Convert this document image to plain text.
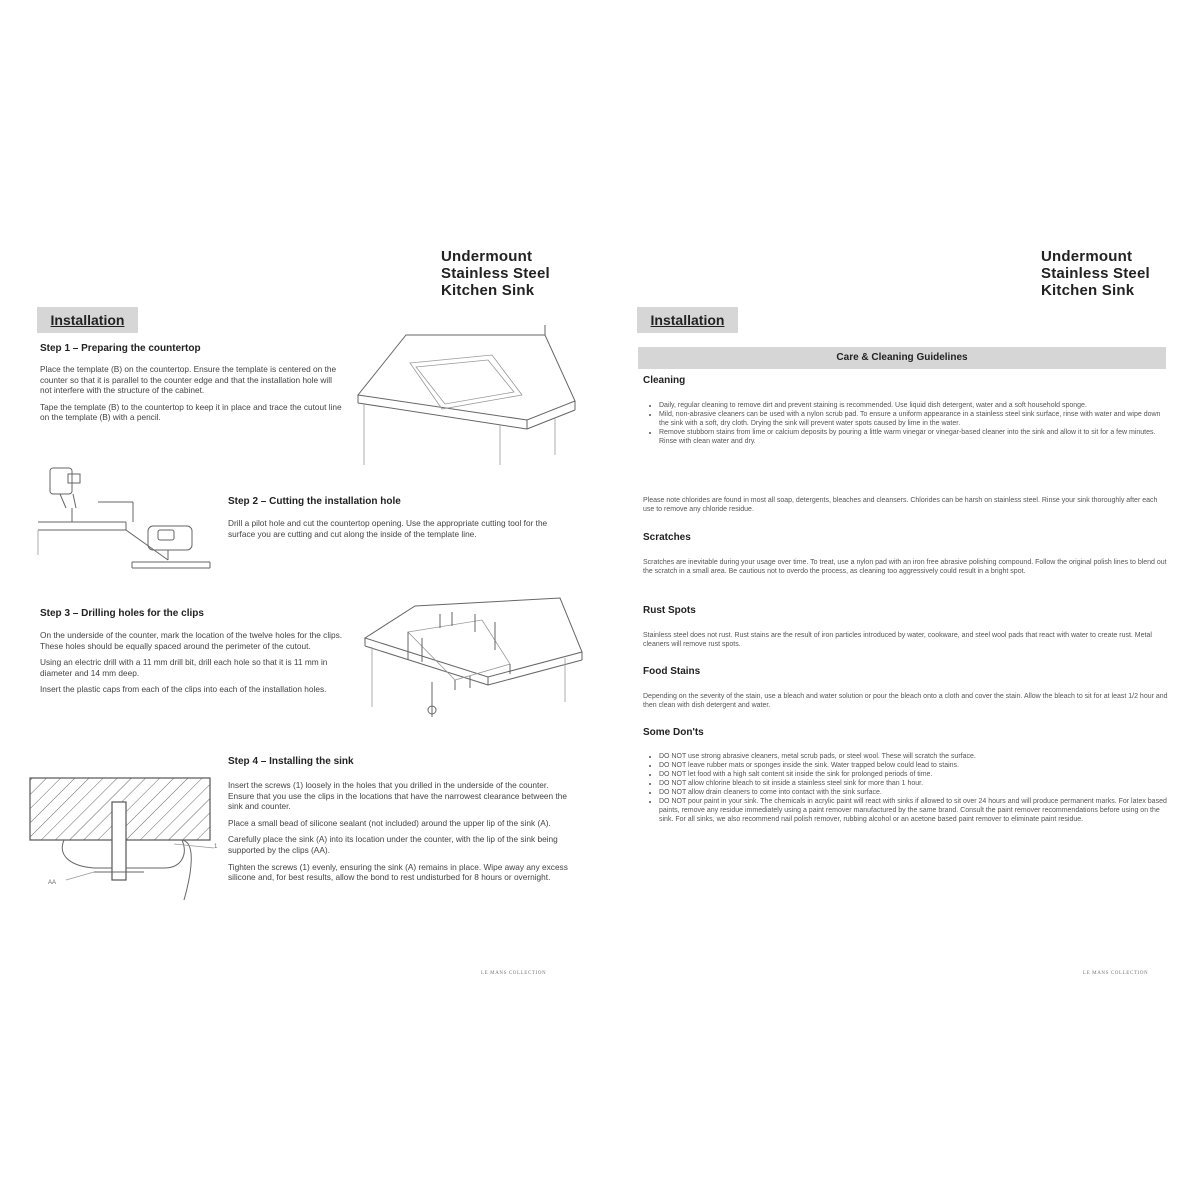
Undermount
Stainless Steel
Kitchen Sink
Installation
Step 1 – Preparing the countertop

Place the template (B) on the countertop. Ensure the template is centered on the counter so that it is parallel to the counter edge and that the installation hole will not interfere with the structure of the cabinet.

Tape the template (B) to the countertop to keep it in place and trace the cutout line on the template (B) with a pencil.

Step 2 – Cutting the installation hole

Drill a pilot hole and cut the countertop opening. Use the appropriate cutting tool for the surface you are cutting and cut along the inside of the template line.

Step 3 – Drilling holes for the clips

On the underside of the counter, mark the location of the twelve holes for the clips. These holes should be equally spaced around the perimeter of the cutout.

Using an electric drill with a 11 mm drill bit, drill each hole so that it is 11 mm in diameter and 14 mm deep.

Insert the plastic caps from each of the clips into each of the installation holes.

1
AA
Step 4 – Installing the sink

Insert the screws (1) loosely in the holes that you drilled in the underside of the counter. Ensure that you use the clips in the locations that have the narrowest clearance between the sink and counter.

Place a small bead of silicone sealant (not included) around the upper lip of the sink (A).

Carefully place the sink (A) into its location under the counter, with the lip of the sink being supported by the clips (AA).

Tighten the screws (1) evenly, ensuring the sink (A) remains in place. Wipe away any excess silicone and, for best results, allow the bond to rest undisturbed for 8 hours or overnight.

LE MANS COLLECTION
Undermount
Stainless Steel
Kitchen Sink
Installation
Care & Cleaning Guidelines
Cleaning
• Daily, regular cleaning to remove dirt and prevent staining is recommended. Use liquid dish detergent, water and a soft household sponge.
• Mild, non-abrasive cleaners can be used with a nylon scrub pad. To ensure a uniform appearance in a stainless steel sink surface, rinse with water and wipe down the sink with a soft, dry cloth. Drying the sink will prevent water spots caused by lime in the water.
• Remove stubborn stains from lime or calcium deposits by pouring a little warm vinegar or vinegar-based cleaner into the sink and allow it to sit for a few minutes. Rinse with clean water and dry.
Please note chlorides are found in most all soap, detergents, bleaches and cleansers. Chlorides can be harsh on stainless steel. Rinse your sink thoroughly after each use to remove any chloride residue.
Scratches
Scratches are inevitable during your usage over time. To treat, use a nylon pad with an iron free abrasive polishing compound. Follow the original polish lines to blend out the scratch in a small area. Be cautious not to overdo the process, as cleaning too aggressively could result in a bright spot.
Rust Spots
Stainless steel does not rust. Rust stains are the result of iron particles introduced by water, cookware, and steel wool pads that react with water to create rust. Metal cleaners will remove rust spots.
Food Stains
Depending on the severity of the stain, use a bleach and water solution or pour the bleach onto a cloth and cover the stain. Allow the bleach to sit for at least 1/2 hour and then clean with dish detergent and water.
Some Don'ts
• DO NOT use strong abrasive cleaners, metal scrub pads, or steel wool. These will scratch the surface.
• DO NOT leave rubber mats or sponges inside the sink. Water trapped below could lead to stains.
• DO NOT let food with a high salt content sit inside the sink for prolonged periods of time.
• DO NOT allow chlorine bleach to sit inside a stainless steel sink for more than 1 hour.
• DO NOT allow drain cleaners to come into contact with the sink surface.
• DO NOT pour paint in your sink. The chemicals in acrylic paint will react with sinks if allowed to sit over 24 hours and will produce permanent marks. For latex based paints, remove any residue immediately using a paint remover manufactured by the same brand. Consult the paint remover recommendations before using on the sink. For all sinks, we also recommend nail polish remover, rubbing alcohol or an acetone based paint remover to eliminate paint residue.
LE MANS COLLECTION
